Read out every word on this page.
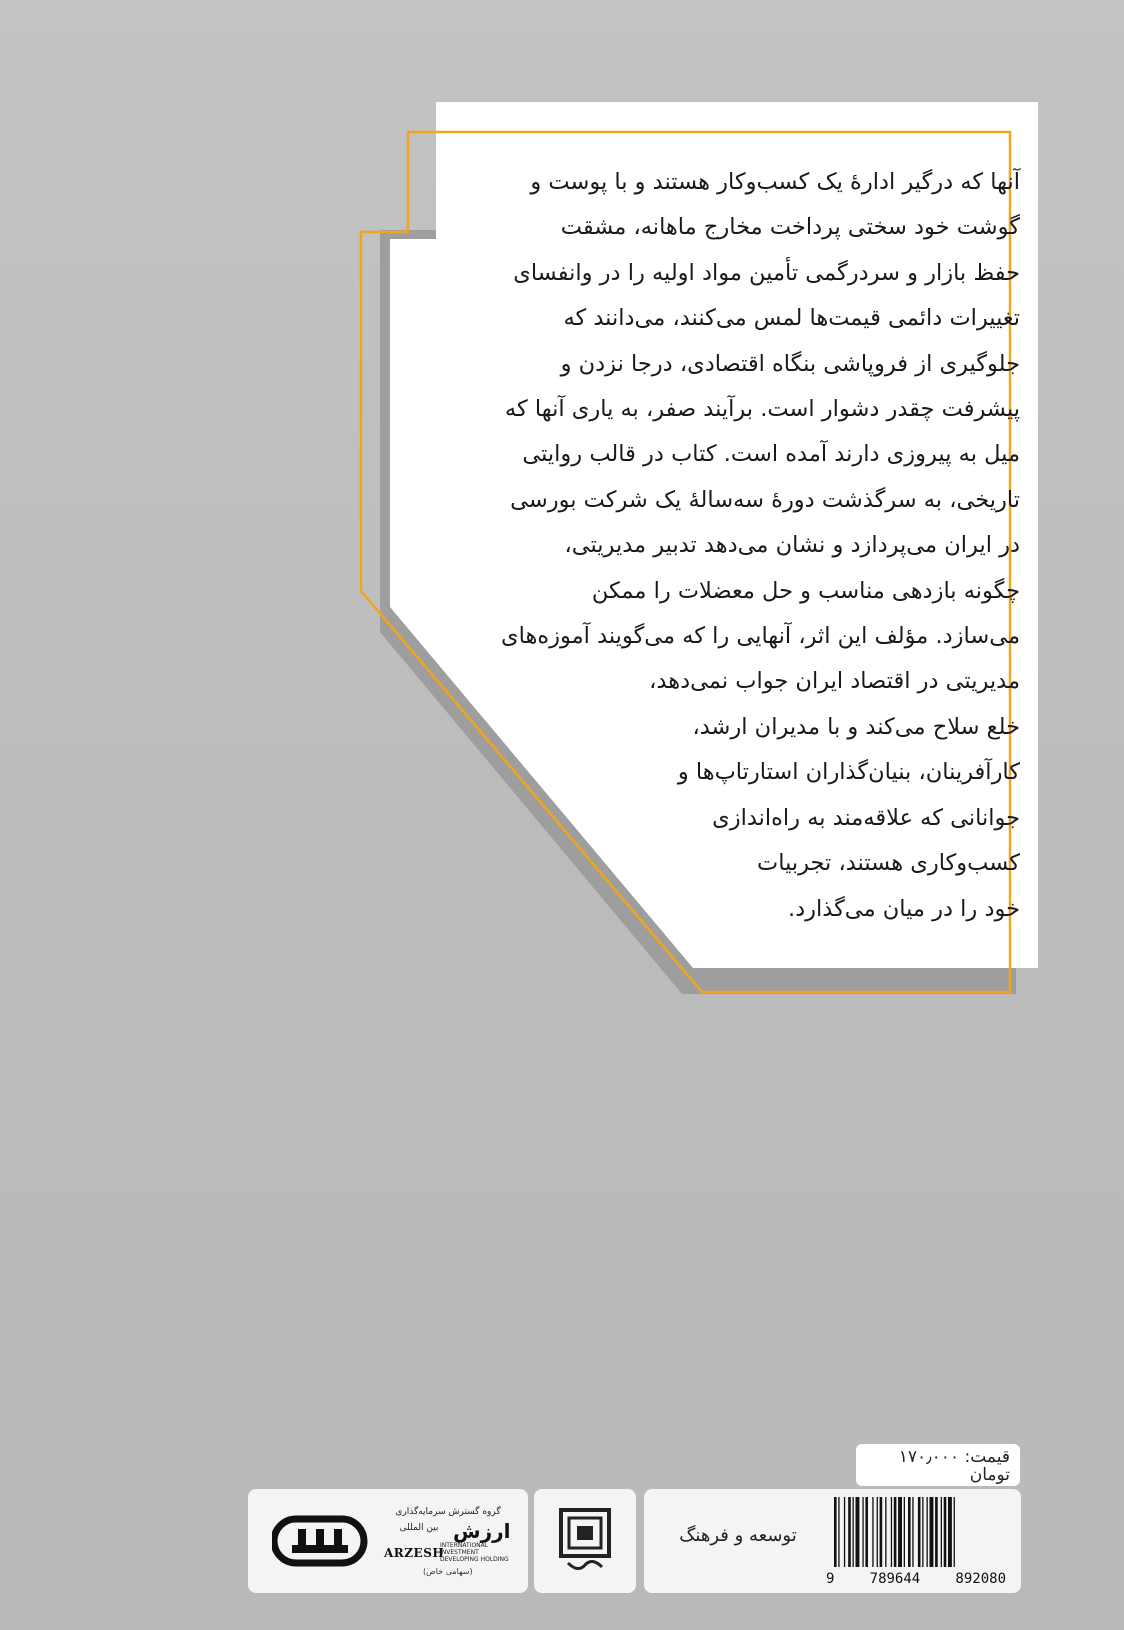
آنها که درگیر ادارهٔ یک کسب‌وکار هستند و با پوست و
گوشت خود سختی پرداخت مخارج ماهانه، مشقت
حفظ بازار و سردرگمی تأمین مواد اولیه را در وانفسای
تغییرات دائمی قیمت‌ها لمس می‌کنند، می‌دانند که
جلوگیری از فروپاشی بنگاه اقتصادی، درجا نزدن و
پیشرفت چقدر دشوار است. برآیند صفر، به یاری آنها که
میل به پیروزی دارند آمده است. کتاب در قالب روایتی
تاریخی، به سرگذشت دورهٔ سه‌سالهٔ یک شرکت بورسی
در ایران می‌پردازد و نشان می‌دهد تدبیر مدیریتی،
چگونه بازدهی مناسب و حل معضلات را ممکن
می‌سازد. مؤلف این اثر، آنهایی را که می‌گویند آموزه‌های
مدیریتی در اقتصاد ایران جواب نمی‌دهد،
خلع سلاح می‌کند و با مدیران ارشد،
کارآفرینان، بنیان‌گذاران استارتاپ‌ها و
جوانانی که علاقه‌مند به راه‌اندازی
کسب‌وکاری هستند، تجربیات
خود را در میان می‌گذارد.
قیمت: ۱۷۰٫۰۰۰ تومان
گروه گسترش سرمایه‌گذاری
بین المللی ارزش
ARZESH
INTERNATIONAL INVESTMENT DEVELOPING HOLDING
(سهامی خاص)
توسعه و فرهنگ
9	789644	892080
